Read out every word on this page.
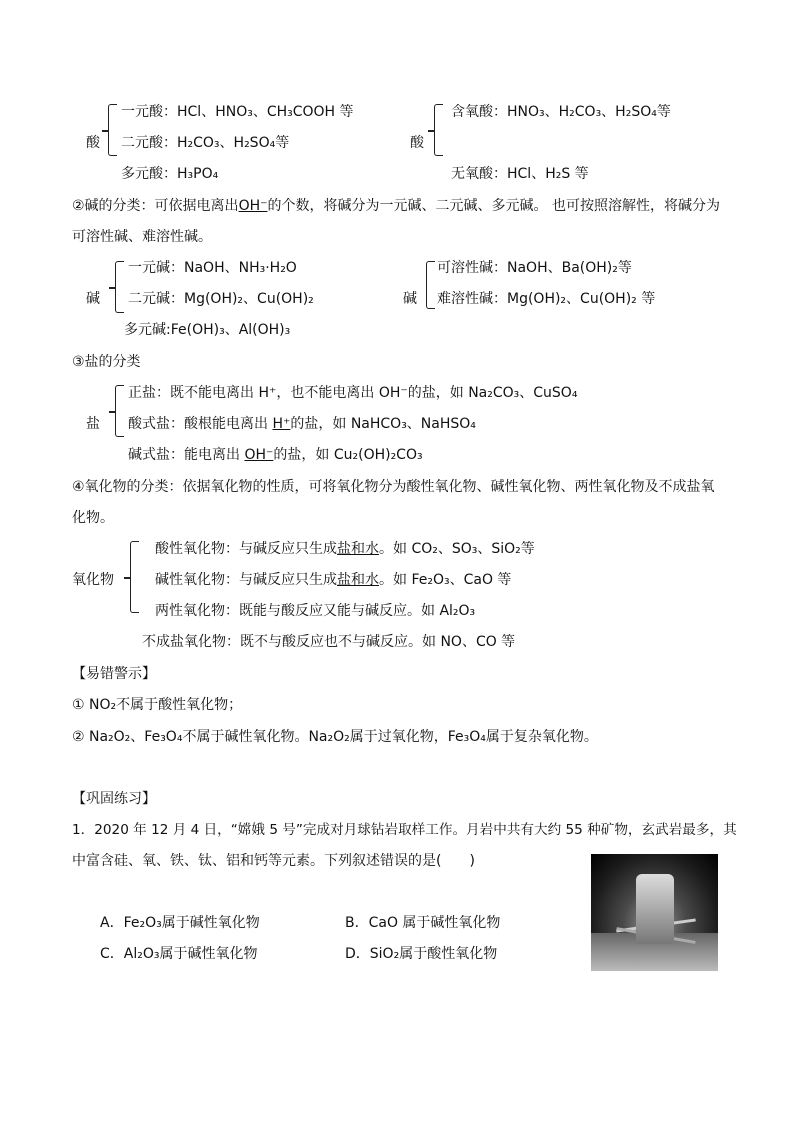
酸
一元酸：HCl、HNO₃、CH₃COOH 等
二元酸：H₂CO₃、H₂SO₄等
多元酸：H₃PO₄
酸
含氧酸：HNO₃、H₂CO₃、H₂SO₄等
无氧酸：HCl、H₂S 等
②碱的分类：可依据电离出OH⁻的个数，将碱分为一元碱、二元碱、多元碱。 也可按照溶解性，将碱分为
可溶性碱、难溶性碱。
碱
一元碱：NaOH、NH₃·H₂O
二元碱：Mg(OH)₂、Cu(OH)₂
多元碱:Fe(OH)₃、Al(OH)₃
碱
可溶性碱：NaOH、Ba(OH)₂等
难溶性碱：Mg(OH)₂、Cu(OH)₂ 等
③盐的分类
盐
正盐：既不能电离出 H⁺，也不能电离出 OH⁻的盐，如 Na₂CO₃、CuSO₄
酸式盐：酸根能电离出 H⁺的盐，如 NaHCO₃、NaHSO₄
碱式盐：能电离出 OH⁻的盐，如 Cu₂(OH)₂CO₃
④氧化物的分类：依据氧化物的性质，可将氧化物分为酸性氧化物、碱性氧化物、两性氧化物及不成盐氧
化物。
氧化物
酸性氧化物：与碱反应只生成盐和水。如 CO₂、SO₃、SiO₂等
碱性氧化物：与碱反应只生成盐和水。如 Fe₂O₃、CaO 等
两性氧化物：既能与酸反应又能与碱反应。如 Al₂O₃
不成盐氧化物：既不与酸反应也不与碱反应。如 NO、CO 等
【易错警示】
① NO₂不属于酸性氧化物；
② Na₂O₂、Fe₃O₄不属于碱性氧化物。Na₂O₂属于过氧化物，Fe₃O₄属于复杂氧化物。
【巩固练习】
1．2020 年 12 月 4 日，“嫦娥 5 号”完成对月球钻岩取样工作。月岩中共有大约 55 种矿物，玄武岩最多，其
中富含硅、氧、铁、钛、铝和钙等元素。下列叙述错误的是(　　)
A．Fe₂O₃属于碱性氧化物	B．CaO 属于碱性氧化物
C．Al₂O₃属于碱性氧化物	D．SiO₂属于酸性氧化物
